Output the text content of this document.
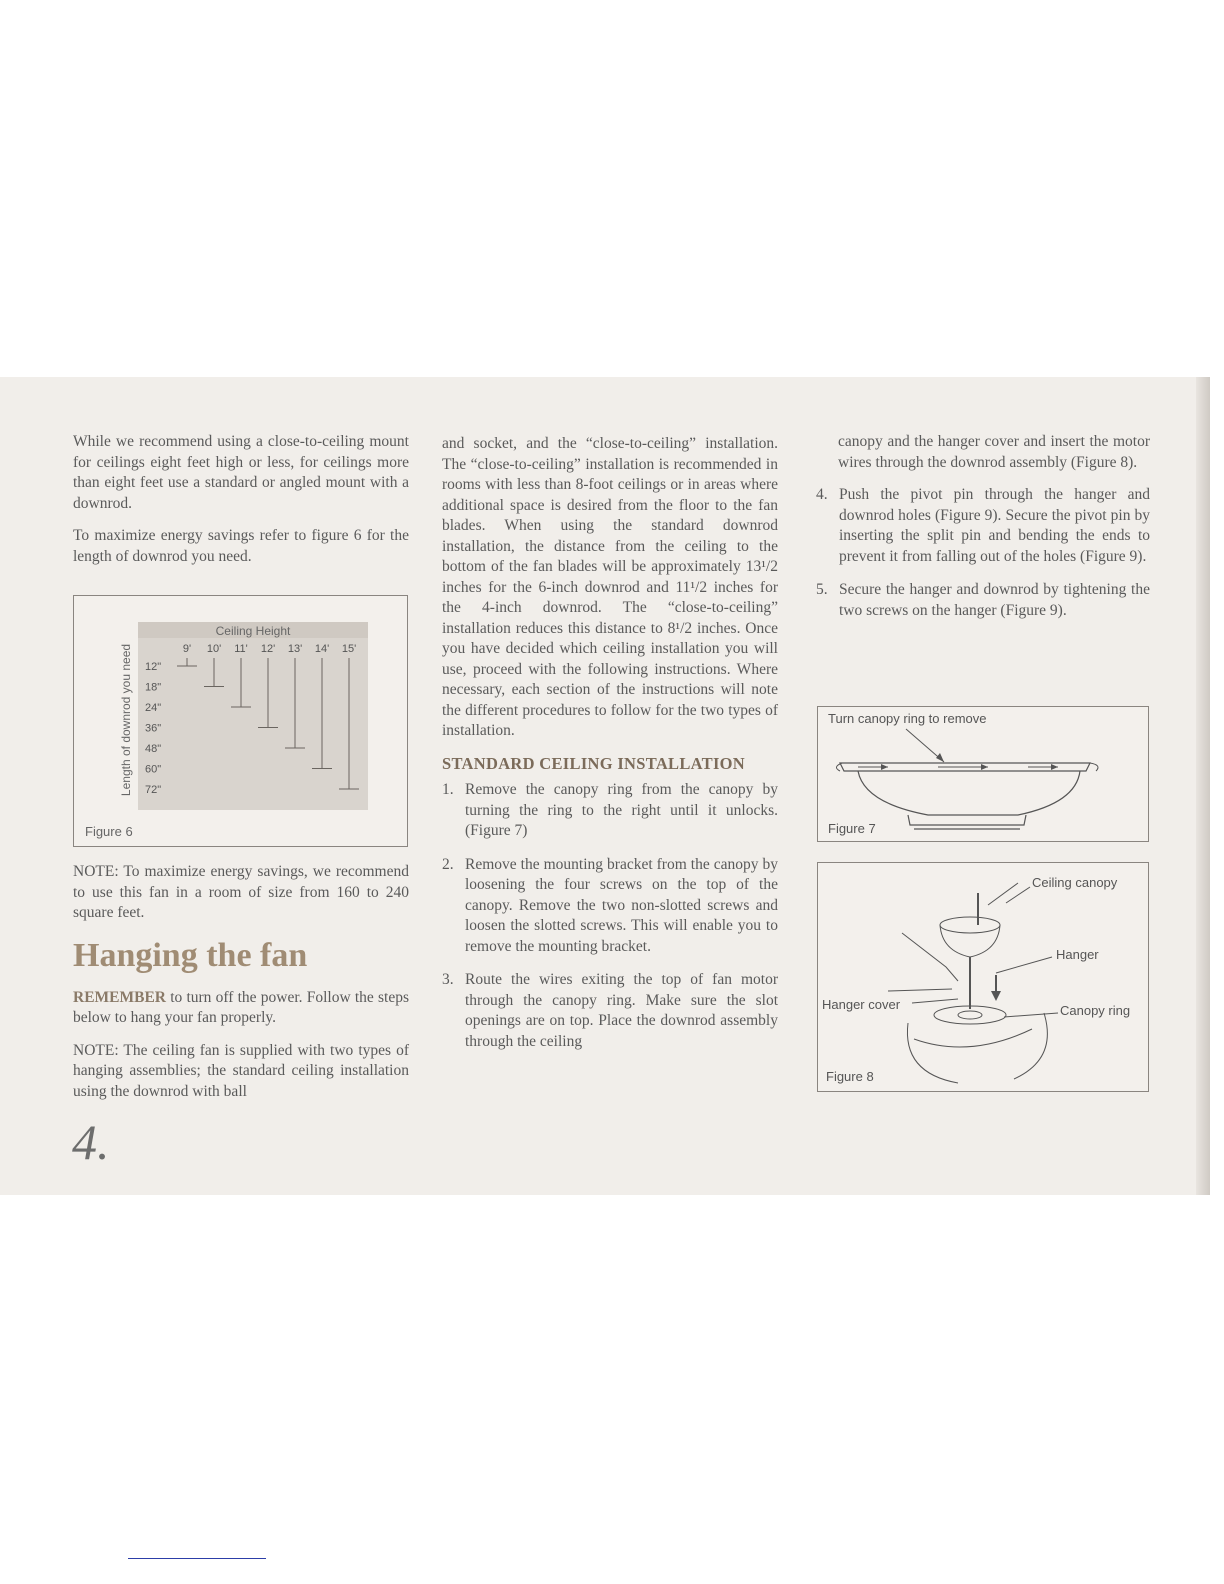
While we recommend using a close-to-ceiling mount for ceilings eight feet high or less, for ceilings more than eight feet use a standard or angled mount with a downrod.

To maximize energy savings refer to figure 6 for the length of downrod you need.

Ceiling Height
Length of downrod you need	9' 10' 11' 12' 13' 14' 15'
12"
18"
24"
36"
48"
60"
72"
Figure 6

NOTE: To maximize energy savings, we recommend to use this fan in a room of size from 160 to 240 square feet.

Hanging the fan

REMEMBER to turn off the power. Follow the steps below to hang your fan properly.

NOTE: The ceiling fan is supplied with two types of hanging assemblies; the standard ceiling installation using the downrod with ball

4.

and socket, and the “close-to-ceiling” installation. The “close-to-ceiling” installation is recommended in rooms with less than 8-foot ceilings or in areas where additional space is desired from the floor to the fan blades. When using the standard downrod installation, the distance from the ceiling to the bottom of the fan blades will be approximately 13¹/2 inches for the 6-inch downrod and 11¹/2 inches for the 4-inch downrod. The “close-to-ceiling” installation reduces this distance to 8¹/2 inches. Once you have decided which ceiling installation you will use, proceed with the following instructions. Where necessary, each section of the instructions will note the different procedures to follow for the two types of installation.

STANDARD CEILING INSTALLATION
1. Remove the canopy ring from the canopy by turning the ring to the right until it unlocks. (Figure 7)
2. Remove the mounting bracket from the canopy by loosening the four screws on the top of the canopy. Remove the two non-slotted screws and loosen the slotted screws. This will enable you to remove the mounting bracket.
3. Route the wires exiting the top of fan motor through the canopy ring. Make sure the slot openings are on top. Place the downrod assembly through the ceiling

canopy and the hanger cover and insert the motor wires through the downrod assembly (Figure 8).

4. Push the pivot pin through the hanger and downrod holes (Figure 9). Secure the pivot pin by inserting the split pin and bending the ends to prevent it from falling out of the holes (Figure 9).
5. Secure the hanger and downrod by tightening the two screws on the hanger (Figure 9).
Turn canopy ring to remove
Figure 7
Ceiling canopy
Hanger
Hanger cover	Canopy ring
Figure 8
